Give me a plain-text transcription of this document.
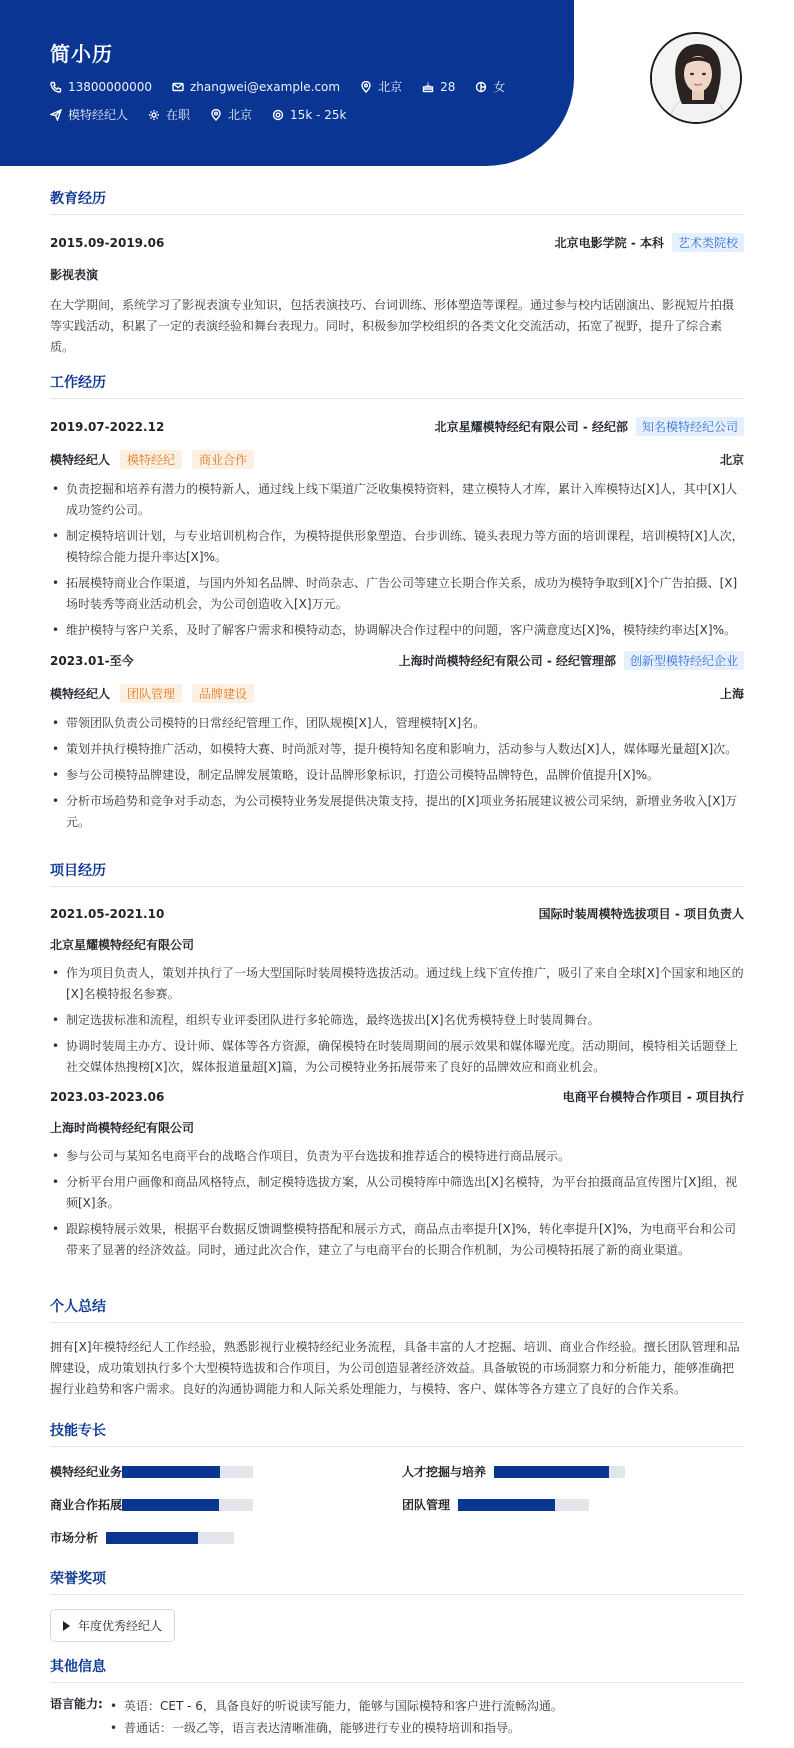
简小历
13800000000	zhangwei@example.com	北京	28	女
模特经纪人	在职	北京	15k - 25k
教育经历
2015.09-2019.06	北京电影学院 - 本科	艺术类院校
影视表演
在大学期间，系统学习了影视表演专业知识，包括表演技巧、台词训练、形体塑造等课程。通过参与校内话剧演出、影视短片拍摄等实践活动，积累了一定的表演经验和舞台表现力。同时，积极参加学校组织的各类文化交流活动，拓宽了视野，提升了综合素质。
工作经历
2019.07-2022.12	北京星耀模特经纪有限公司 - 经纪部	知名模特经纪公司
模特经纪人	模特经纪	商业合作	北京
• 负责挖掘和培养有潜力的模特新人，通过线上线下渠道广泛收集模特资料，建立模特人才库，累计入库模特达[X]人，其中[X]人成功签约公司。
• 制定模特培训计划，与专业培训机构合作，为模特提供形象塑造、台步训练、镜头表现力等方面的培训课程，培训模特[X]人次，模特综合能力提升率达[X]%。
• 拓展模特商业合作渠道，与国内外知名品牌、时尚杂志、广告公司等建立长期合作关系，成功为模特争取到[X]个广告拍摄、[X]场时装秀等商业活动机会，为公司创造收入[X]万元。
• 维护模特与客户关系，及时了解客户需求和模特动态，协调解决合作过程中的问题，客户满意度达[X]%，模特续约率达[X]%。
2023.01-至今	上海时尚模特经纪有限公司 - 经纪管理部	创新型模特经纪企业
模特经纪人	团队管理	品牌建设	上海
• 带领团队负责公司模特的日常经纪管理工作，团队规模[X]人，管理模特[X]名。
• 策划并执行模特推广活动，如模特大赛、时尚派对等，提升模特知名度和影响力，活动参与人数达[X]人，媒体曝光量超[X]次。
• 参与公司模特品牌建设，制定品牌发展策略，设计品牌形象标识，打造公司模特品牌特色，品牌价值提升[X]%。
• 分析市场趋势和竞争对手动态，为公司模特业务发展提供决策支持，提出的[X]项业务拓展建议被公司采纳，新增业务收入[X]万元。
项目经历
2021.05-2021.10	国际时装周模特选拔项目 - 项目负责人
北京星耀模特经纪有限公司
• 作为项目负责人，策划并执行了一场大型国际时装周模特选拔活动。通过线上线下宣传推广，吸引了来自全球[X]个国家和地区的[X]名模特报名参赛。
• 制定选拔标准和流程，组织专业评委团队进行多轮筛选，最终选拔出[X]名优秀模特登上时装周舞台。
• 协调时装周主办方、设计师、媒体等各方资源，确保模特在时装周期间的展示效果和媒体曝光度。活动期间，模特相关话题登上社交媒体热搜榜[X]次，媒体报道量超[X]篇，为公司模特业务拓展带来了良好的品牌效应和商业机会。
2023.03-2023.06	电商平台模特合作项目 - 项目执行
上海时尚模特经纪有限公司
• 参与公司与某知名电商平台的战略合作项目，负责为平台选拔和推荐适合的模特进行商品展示。
• 分析平台用户画像和商品风格特点，制定模特选拔方案，从公司模特库中筛选出[X]名模特，为平台拍摄商品宣传图片[X]组，视频[X]条。
• 跟踪模特展示效果，根据平台数据反馈调整模特搭配和展示方式，商品点击率提升[X]%，转化率提升[X]%，为电商平台和公司带来了显著的经济效益。同时，通过此次合作，建立了与电商平台的长期合作机制，为公司模特拓展了新的商业渠道。
个人总结
拥有[X]年模特经纪人工作经验，熟悉影视行业模特经纪业务流程，具备丰富的人才挖掘、培训、商业合作经验。擅长团队管理和品牌建设，成功策划执行多个大型模特选拔和合作项目，为公司创造显著经济效益。具备敏锐的市场洞察力和分析能力，能够准确把握行业趋势和客户需求。良好的沟通协调能力和人际关系处理能力，与模特、客户、媒体等各方建立了良好的合作关系。
技能专长
模特经纪业务	人才挖掘与培养
商业合作拓展	团队管理
市场分析
荣誉奖项
年度优秀经纪人
其他信息
语言能力:
•	英语：CET - 6，具备良好的听说读写能力，能够与国际模特和客户进行流畅沟通。
• 普通话：一级乙等，语言表达清晰准确，能够进行专业的模特培训和指导。
